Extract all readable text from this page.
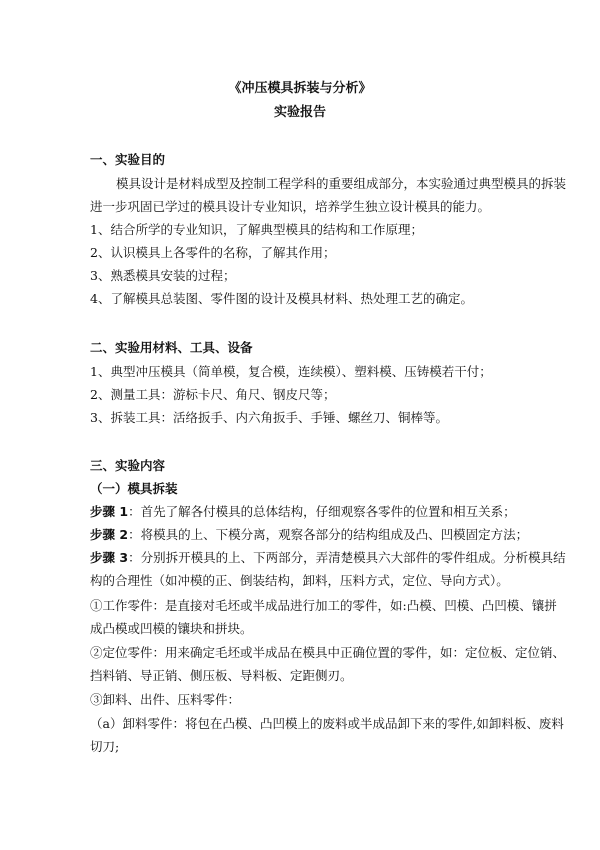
《冲压模具拆装与分析》
实验报告
一、实验目的
模具设计是材料成型及控制工程学科的重要组成部分，本实验通过典型模具的拆装
进一步巩固已学过的模具设计专业知识，培养学生独立设计模具的能力。
1、结合所学的专业知识，了解典型模具的结构和工作原理；
2、认识模具上各零件的名称，了解其作用；
3、熟悉模具安装的过程；
4、了解模具总装图、零件图的设计及模具材料、热处理工艺的确定。
二、实验用材料、工具、设备
1、典型冲压模具（简单模，复合模，连续模）、塑料模、压铸模若干付；
2、测量工具：游标卡尺、角尺、钢皮尺等；
3、拆装工具：活络扳手、内六角扳手、手锤、螺丝刀、铜棒等。
三、实验内容
（一）模具拆装
步骤 1：首先了解各付模具的总体结构，仔细观察各零件的位置和相互关系；
步骤 2：将模具的上、下模分离，观察各部分的结构组成及凸、凹模固定方法；
步骤 3：分别拆开模具的上、下两部分，弄清楚模具六大部件的零件组成。分析模具结
构的合理性（如冲模的正、倒装结构，卸料，压料方式，定位、导向方式）。
①工作零件：是直接对毛坯或半成品进行加工的零件，如:凸模、凹模、凸凹模、镶拼
成凸模或凹模的镶块和拼块。
②定位零件：用来确定毛坯或半成品在模具中正确位置的零件，如：定位板、定位销、
挡料销、导正销、侧压板、导料板、定距侧刃。
③卸料、出件、压料零件：
（a）卸料零件：将包在凸模、凸凹模上的废料或半成品卸下来的零件,如卸料板、废料
切刀;
